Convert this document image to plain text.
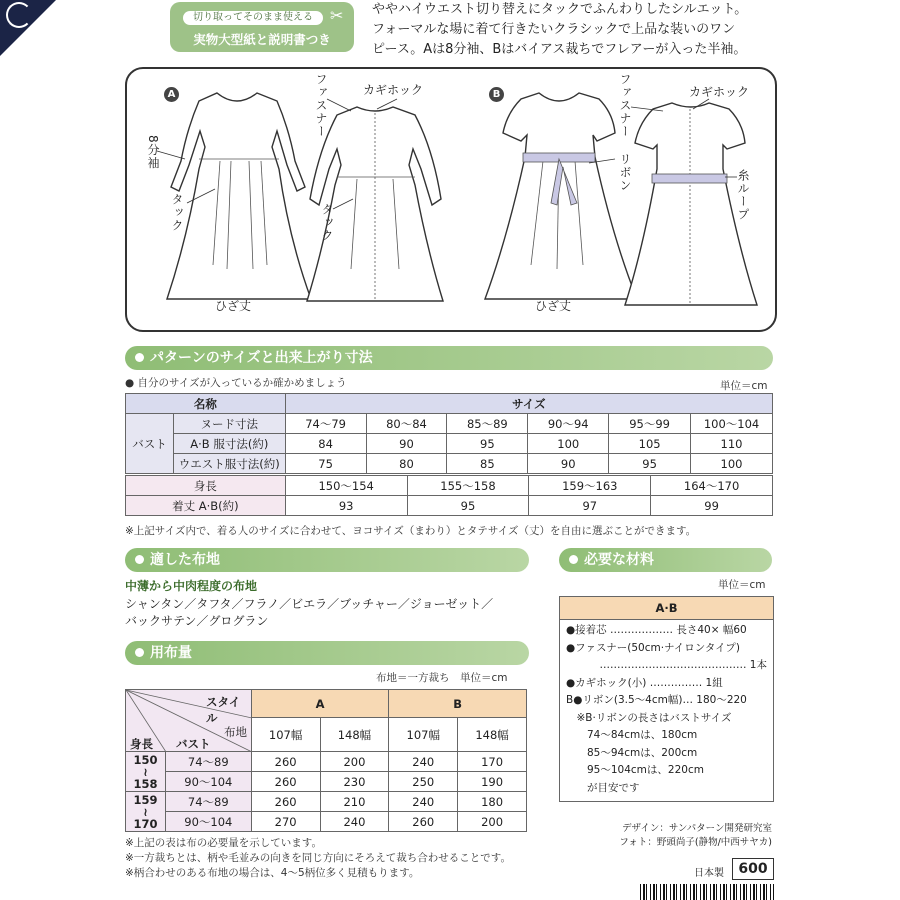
切り取ってそのまま使える	✂
実物大型紙と説明書つき
ややハイウエスト切り替えにタックでふんわりしたシルエット。
フォーマルな場に着て行きたいクラシックで上品な装いのワン
ピース。Aは8分袖、Bはバイアス裁ちでフレアーが入った半袖。
A	B
8分袖
タック
ひざ丈
ファスナー	カギホック
タック
ファスナー	カギホック
リボン	糸ループ
ひざ丈
パターンのサイズと出来上がり寸法
● 自分のサイズが入っているか確かめましょう	単位＝cm
名称		サイズ					
バスト	ヌード寸法	74〜79	80〜84	85〜89	90〜94	95〜99	100〜104
	A·B 服寸法(約)	84	90	95	100	105	110
	ウエスト服寸法(約)	75	80	85	90	95	100
身長	150〜154	155〜158	159〜163	164〜170
着丈 A·B(約)	93	95	97	99
※上記サイズ内で、着る人のサイズに合わせて、ヨコサイズ（まわり）とタテサイズ（丈）を自由に選ぶことができます。
適した布地
中薄から中肉程度の布地
シャンタン／タフタ／フラノ／ビエラ／ブッチャー／ジョーゼット／
バックサテン／グログラン
用布量
布地＝一方裁ち　単位＝cm
スタイル
布地
身長 バスト		A		B	
		107幅	148幅	107幅	148幅

150
≀
158	74〜89	260	200	240	170
	90〜104	260	230	250	190

159
≀
170	74〜89	260	210	240	180
	90〜104	270	240	260	200
※上記の表は布の必要量を示しています。
※一方裁ちとは、柄や毛並みの向きを同じ方向にそろえて裁ち合わせることです。
※柄合わせのある布地の場合は、4〜5柄位多く見積もります。
必要な材料
単位＝cm
A·B
●接着芯 ……………… 長さ40× 幅60
●ファスナー(50cm·ナイロンタイプ)
…………………………………… 1本
●カギホック(小) …………… 1組
B●リボン(3.5〜4cm幅)… 180〜220
　※B·リボンの長さはバストサイズ
　　74〜84cmは、180cm
　　85〜94cmは、200cm
　　95〜104cmは、220cm
　　が目安です
デザイン：サンパターン開発研究室
フォト：野頭尚子(静物/中西サヤカ)
日本製	600
